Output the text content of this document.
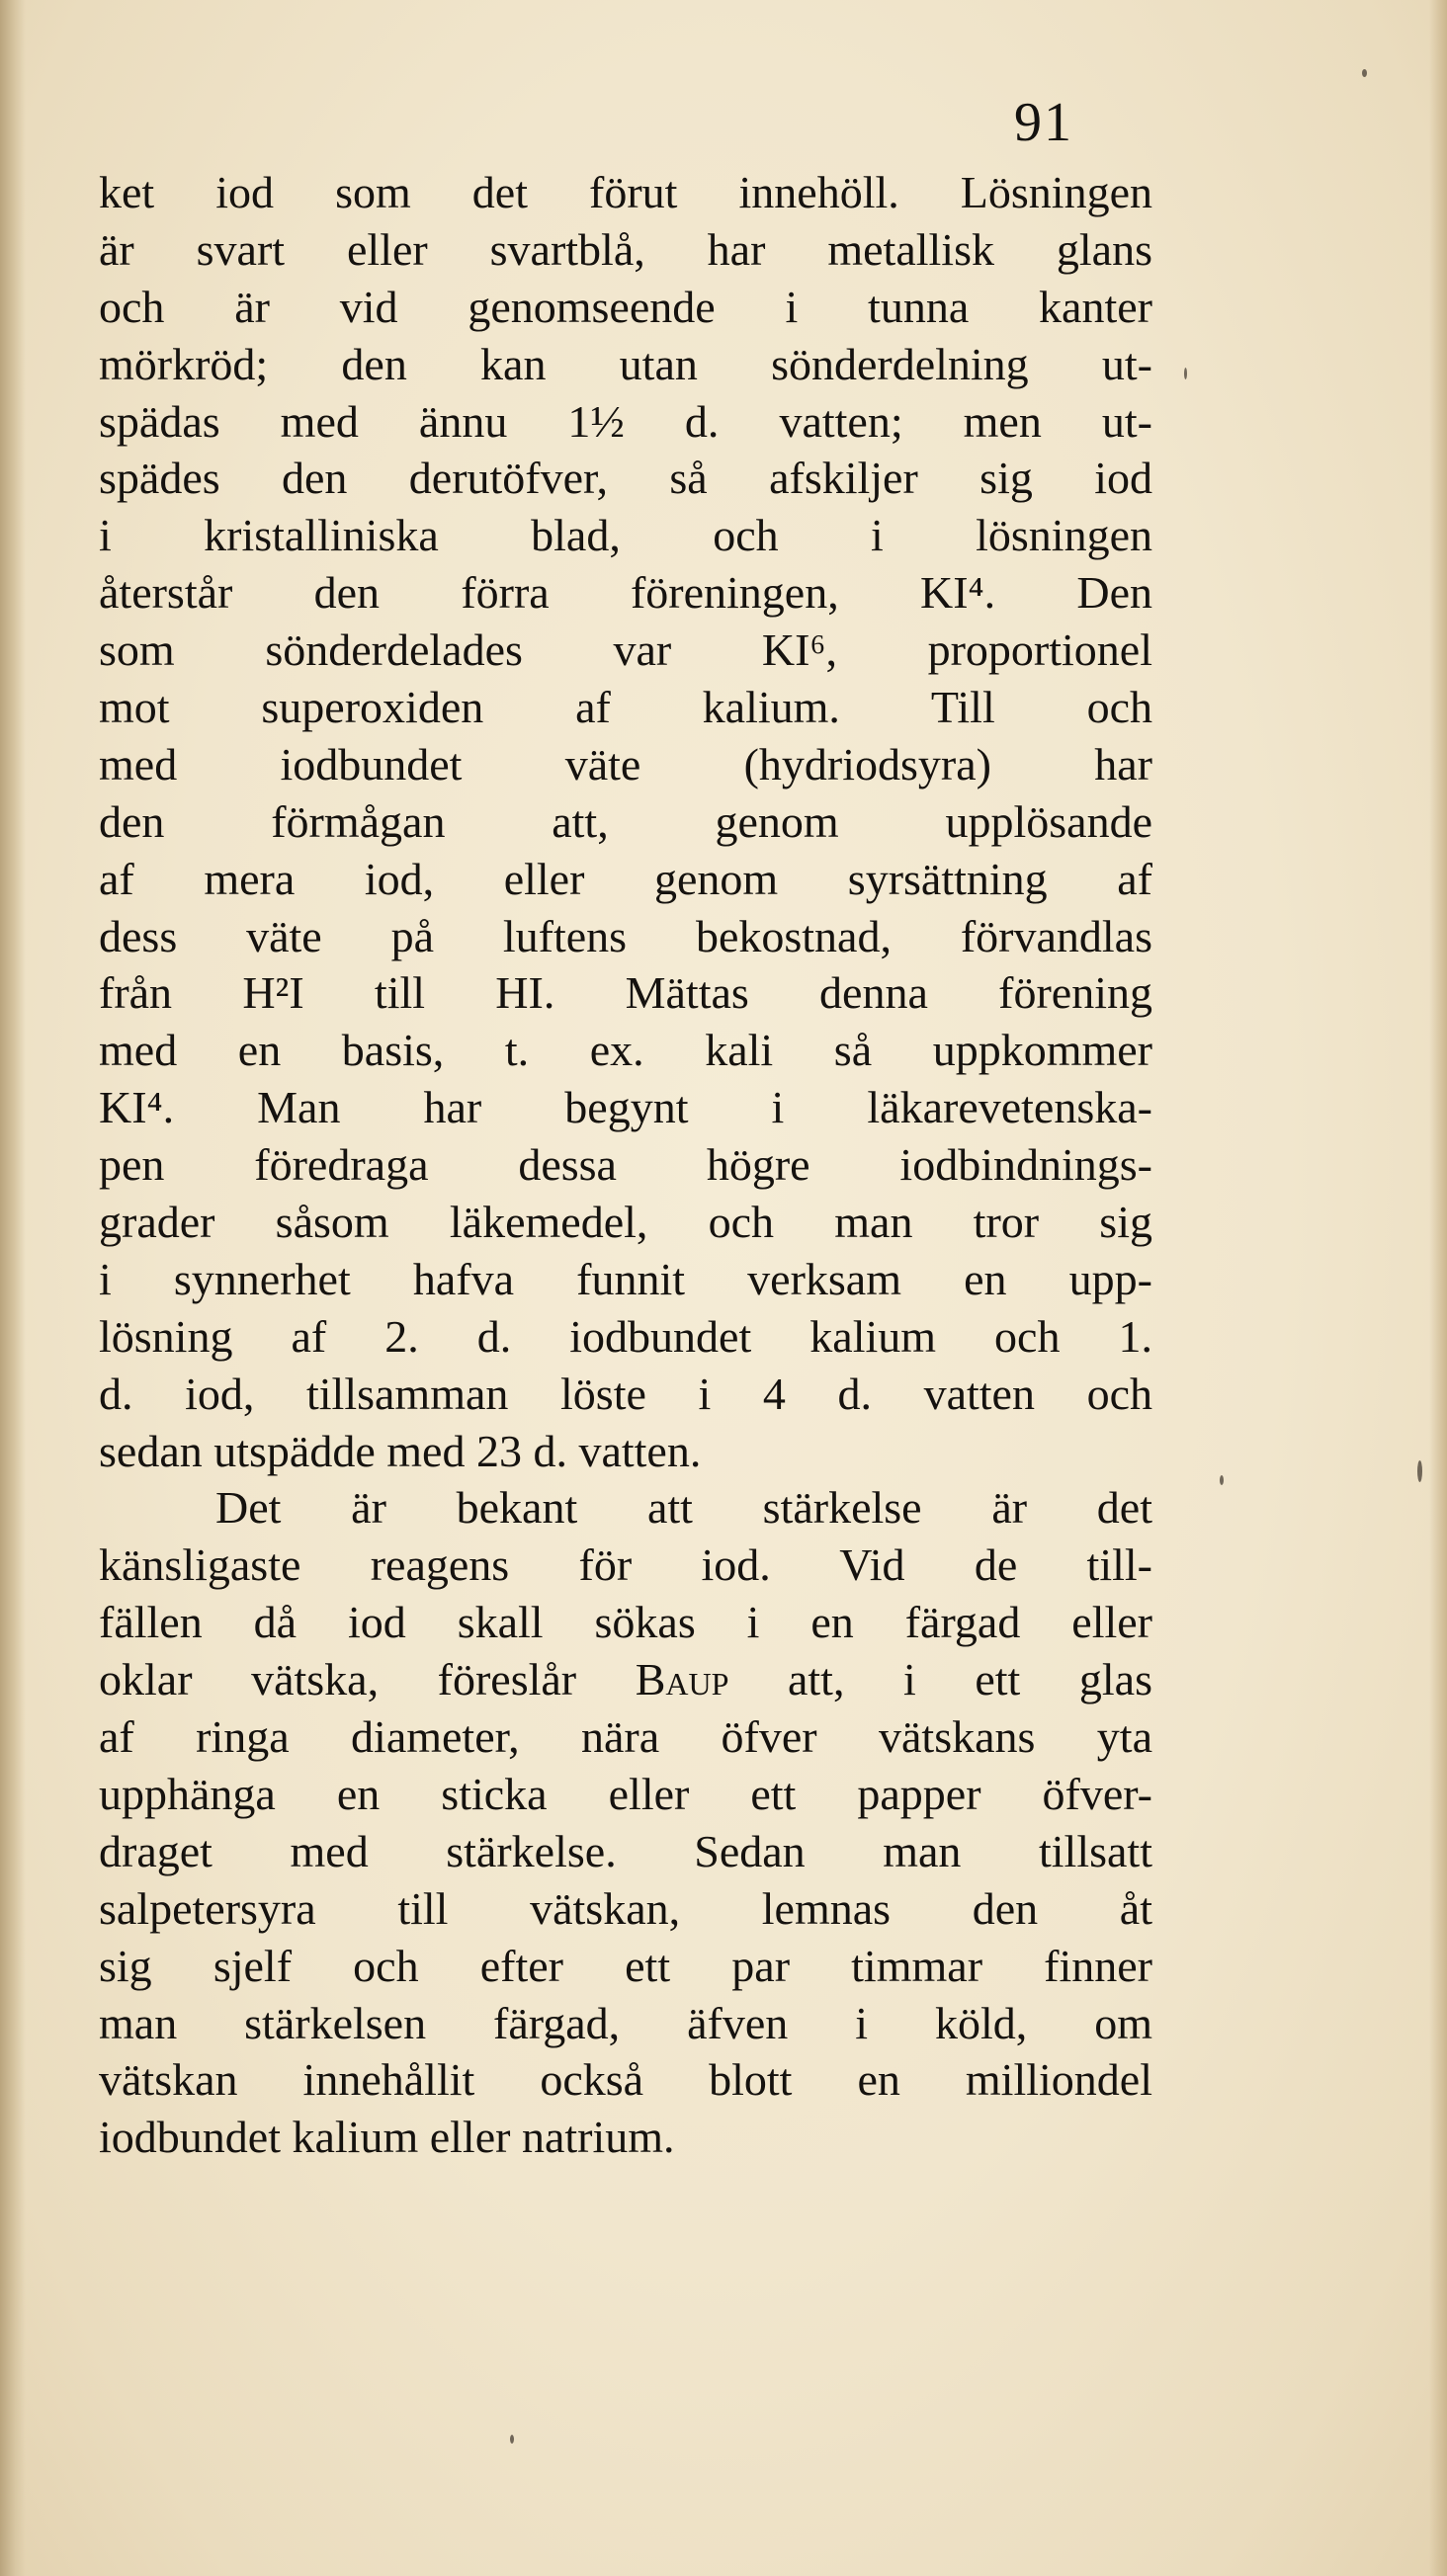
91
ket iod som det förut innehöll. Lösningen
är svart eller svartblå, har metallisk glans
och är vid genomseende i tunna kanter
mörkröd; den kan utan sönderdelning ut-
spädas med ännu 1½ d. vatten; men ut-
spädes den derutöfver, så afskiljer sig iod
i kristalliniska blad, och i lösningen
återstår den förra föreningen, KI⁴. Den
som sönderdelades var KI⁶, proportionel
mot superoxiden af kalium. Till och
med iodbundet väte (hydriodsyra) har
den förmågan att, genom upplösande
af mera iod, eller genom syrsättning af
dess väte på luftens bekostnad, förvandlas
från H²I till HI. Mättas denna förening
med en basis, t. ex. kali så uppkommer
KI⁴. Man har begynt i läkarevetenska-
pen föredraga dessa högre iodbindnings-
grader såsom läkemedel, och man tror sig
i synnerhet hafva funnit verksam en upp-
lösning af 2. d. iodbundet kalium och 1.
d. iod, tillsamman löste i 4 d. vatten och
sedan utspädde med 23 d. vatten.
Det är bekant att stärkelse är det
känsligaste reagens för iod. Vid de till-
fällen då iod skall sökas i en färgad eller
oklar vätska, föreslår Baup att, i ett glas
af ringa diameter, nära öfver vätskans yta
upphänga en sticka eller ett papper öfver-
draget med stärkelse. Sedan man tillsatt
salpetersyra till vätskan, lemnas den åt
sig sjelf och efter ett par timmar finner
man stärkelsen färgad, äfven i köld, om
vätskan innehållit också blott en milliondel
iodbundet kalium eller natrium.
